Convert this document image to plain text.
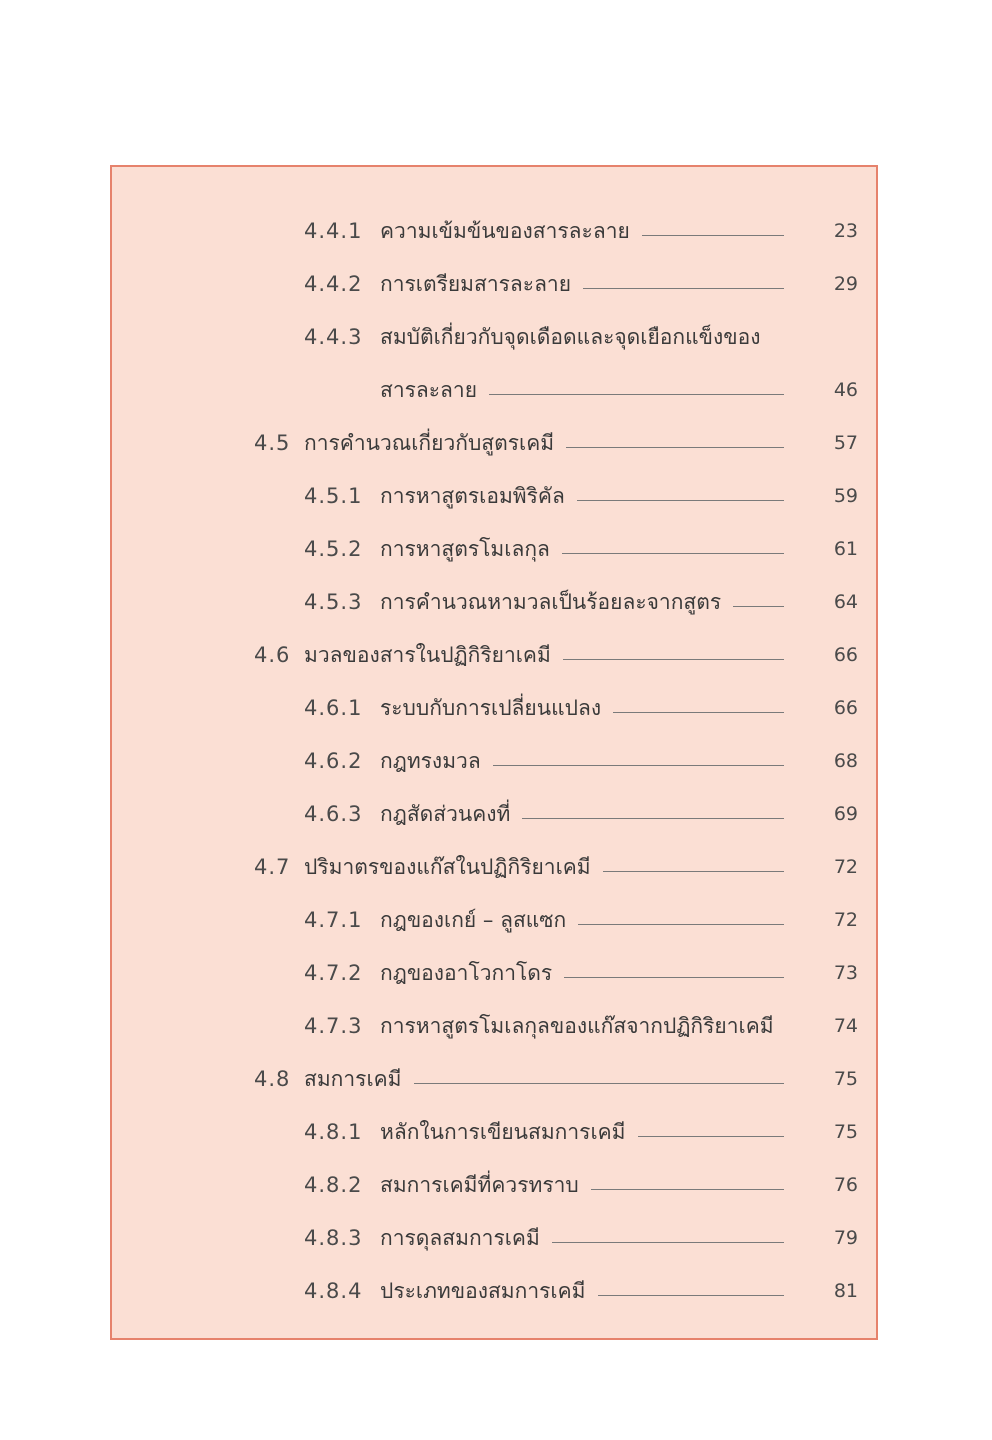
4.4.1 ความเข้มข้นของสารละลาย	23
4.4.2 การเตรียมสารละลาย	29
4.4.3 สมบัติเกี่ยวกับจุดเดือดและจุดเยือกแข็งของ
สารละลาย	46
4.5 การคำนวณเกี่ยวกับสูตรเคมี	57
4.5.1 การหาสูตรเอมพิริคัล	59
4.5.2 การหาสูตรโมเลกุล	61
4.5.3 การคำนวณหามวลเป็นร้อยละจากสูตร	64
4.6 มวลของสารในปฏิกิริยาเคมี	66
4.6.1 ระบบกับการเปลี่ยนแปลง	66
4.6.2 กฎทรงมวล	68
4.6.3 กฎสัดส่วนคงที่	69
4.7 ปริมาตรของแก๊สในปฏิกิริยาเคมี	72
4.7.1 กฎของเกย์ – ลูสแซก	72
4.7.2 กฎของอาโวกาโดร	73
4.7.3 การหาสูตรโมเลกุลของแก๊สจากปฏิกิริยาเคมี	74
4.8 สมการเคมี	75
4.8.1 หลักในการเขียนสมการเคมี	75
4.8.2 สมการเคมีที่ควรทราบ	76
4.8.3 การดุลสมการเคมี	79
4.8.4 ประเภทของสมการเคมี	81
